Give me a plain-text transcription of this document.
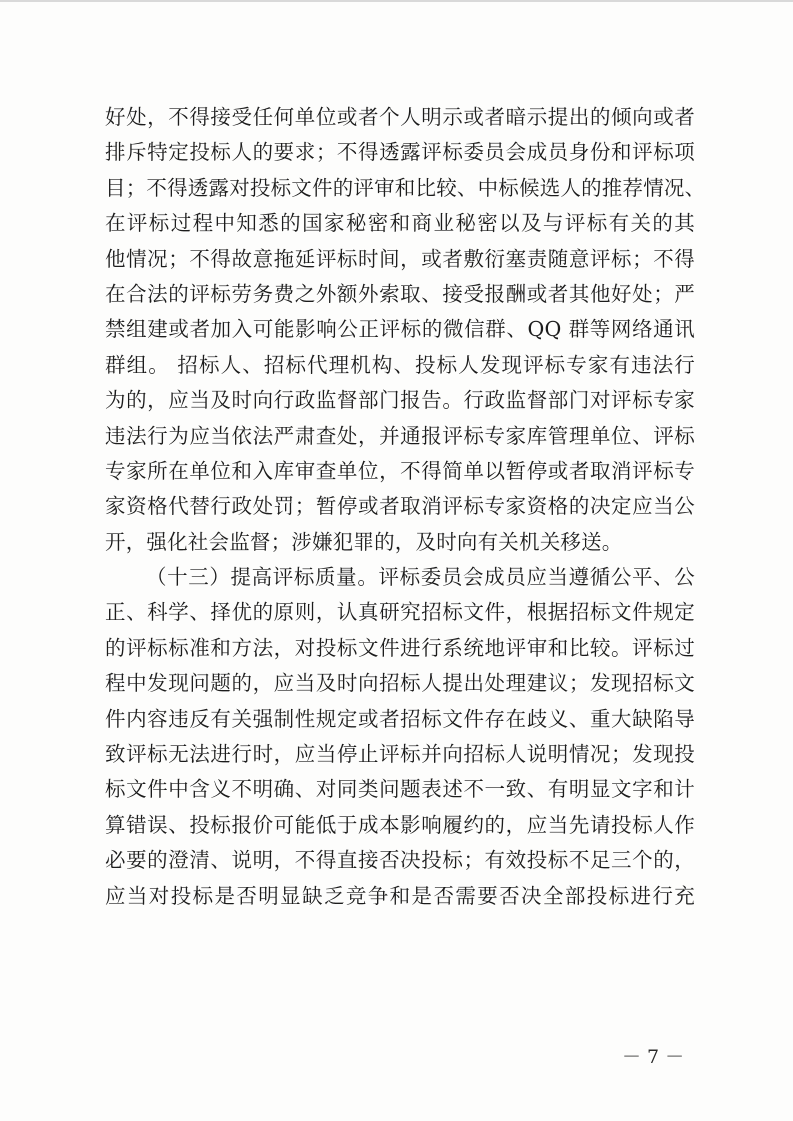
好处，不得接受任何单位或者个人明示或者暗示提出的倾向或者
排斥特定投标人的要求；不得透露评标委员会成员身份和评标项
目；不得透露对投标文件的评审和比较、中标候选人的推荐情况、
在评标过程中知悉的国家秘密和商业秘密以及与评标有关的其
他情况；不得故意拖延评标时间，或者敷衍塞责随意评标；不得
在合法的评标劳务费之外额外索取、接受报酬或者其他好处；严
禁组建或者加入可能影响公正评标的微信群、QQ 群等网络通讯
群组。 招标人、招标代理机构、投标人发现评标专家有违法行
为的，应当及时向行政监督部门报告。行政监督部门对评标专家
违法行为应当依法严肃查处，并通报评标专家库管理单位、评标
专家所在单位和入库审查单位，不得简单以暂停或者取消评标专
家资格代替行政处罚；暂停或者取消评标专家资格的决定应当公
开，强化社会监督；涉嫌犯罪的，及时向有关机关移送。
（十三）提高评标质量。评标委员会成员应当遵循公平、公
正、科学、择优的原则，认真研究招标文件，根据招标文件规定
的评标标准和方法，对投标文件进行系统地评审和比较。评标过
程中发现问题的，应当及时向招标人提出处理建议；发现招标文
件内容违反有关强制性规定或者招标文件存在歧义、重大缺陷导
致评标无法进行时，应当停止评标并向招标人说明情况；发现投
标文件中含义不明确、对同类问题表述不一致、有明显文字和计
算错误、投标报价可能低于成本影响履约的，应当先请投标人作
必要的澄清、说明，不得直接否决投标；有效投标不足三个的，
应当对投标是否明显缺乏竞争和是否需要否决全部投标进行充
－ 7 －
